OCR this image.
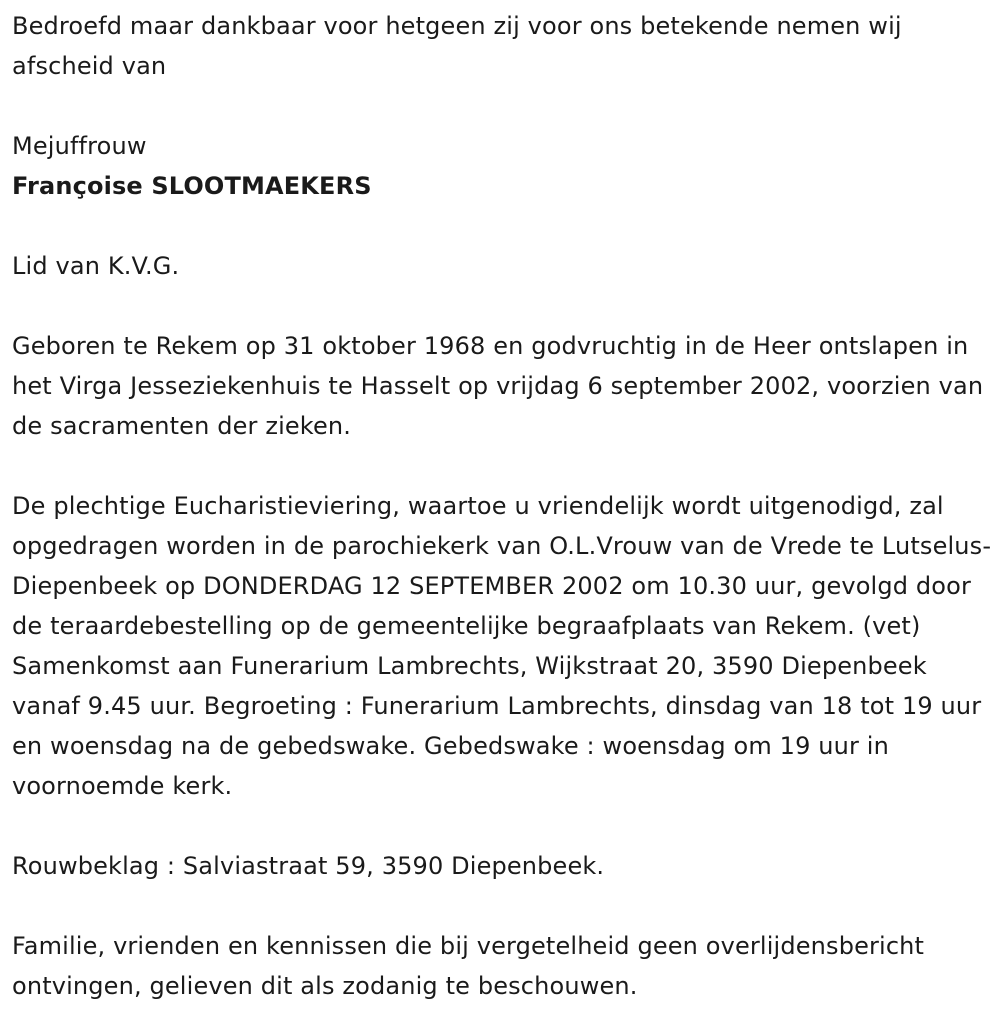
Bedroefd maar dankbaar voor hetgeen zij voor ons betekende nemen wij afscheid van

Mejuffrouw

Françoise SLOOTMAEKERS

Lid van K.V.G.

Geboren te Rekem op 31 oktober 1968 en godvruchtig in de Heer ontslapen in het Virga Jesseziekenhuis te Hasselt op vrijdag 6 september 2002, voorzien van de sacramenten der zieken.

De plechtige Eucharistieviering, waartoe u vriendelijk wordt uitgenodigd, zal opgedragen worden in de parochiekerk van O.L.Vrouw van de Vrede te Lutselus-Diepenbeek op DONDERDAG 12 SEPTEMBER 2002 om 10.30 uur, gevolgd door de teraardebestelling op de gemeentelijke begraafplaats van Rekem. (vet) Samenkomst aan Funerarium Lambrechts, Wijkstraat 20, 3590 Diepenbeek vanaf 9.45 uur. Begroeting : Funerarium Lambrechts, dinsdag van 18 tot 19 uur en woensdag na de gebedswake. Gebedswake : woensdag om 19 uur in voornoemde kerk.

Rouwbeklag : Salviastraat 59, 3590 Diepenbeek.

Familie, vrienden en kennissen die bij vergetelheid geen overlijdensbericht ontvingen, gelieven dit als zodanig te beschouwen.
